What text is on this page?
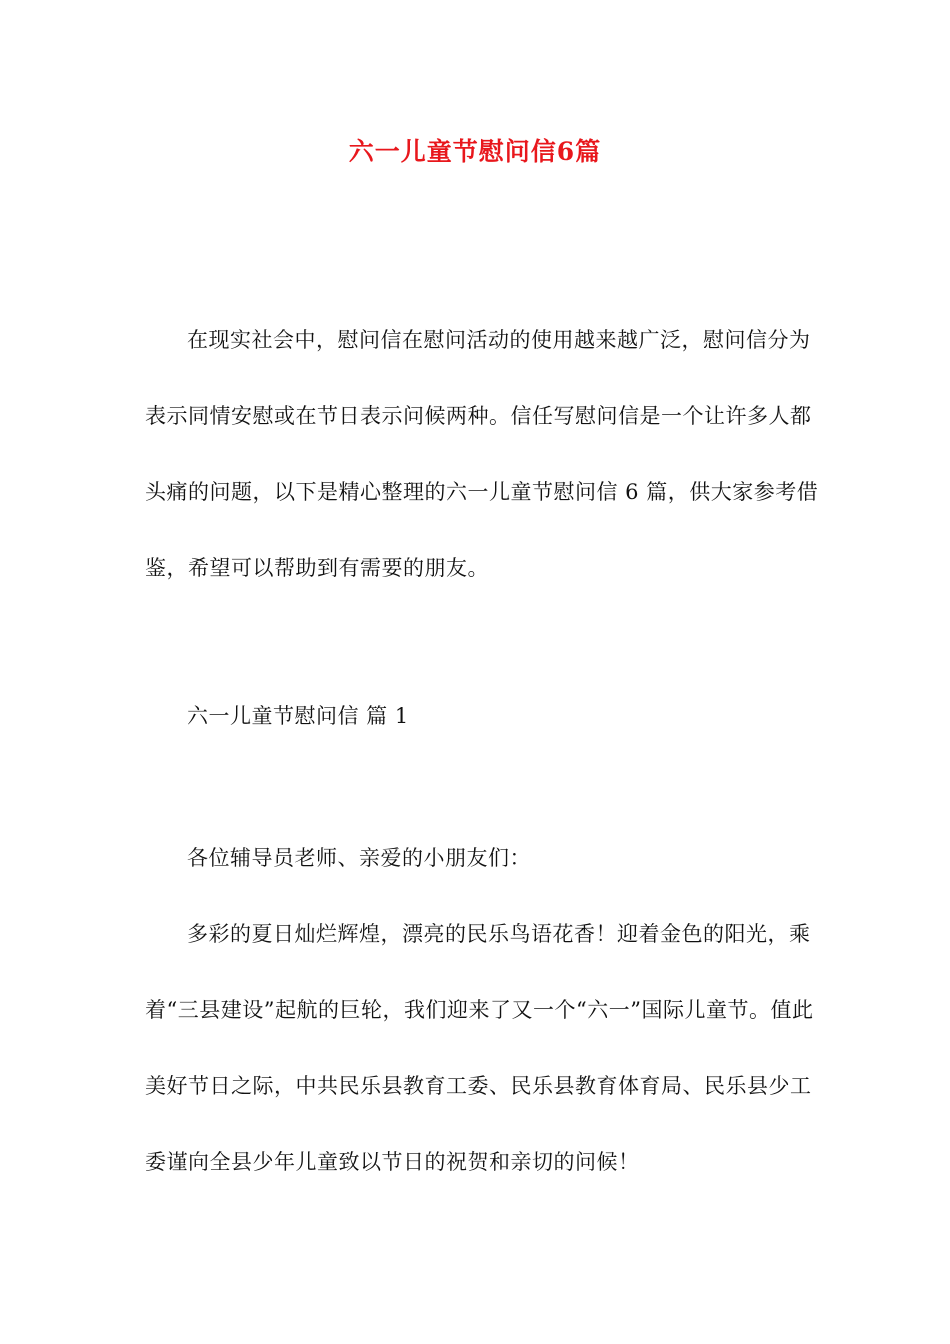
六一儿童节慰问信6篇

在现实社会中，慰问信在慰问活动的使用越来越广泛，慰问信分为表示同情安慰或在节日表示问候两种。信任写慰问信是一个让许多人都头痛的问题，以下是精心整理的六一儿童节慰问信 6 篇，供大家参考借鉴，希望可以帮助到有需要的朋友。

六一儿童节慰问信 篇 1

各位辅导员老师、亲爱的小朋友们：

多彩的夏日灿烂辉煌，漂亮的民乐鸟语花香！迎着金色的阳光，乘着“三县建设”起航的巨轮，我们迎来了又一个“六一”国际儿童节。值此美好节日之际，中共民乐县教育工委、民乐县教育体育局、民乐县少工委谨向全县少年儿童致以节日的祝贺和亲切的问候！
